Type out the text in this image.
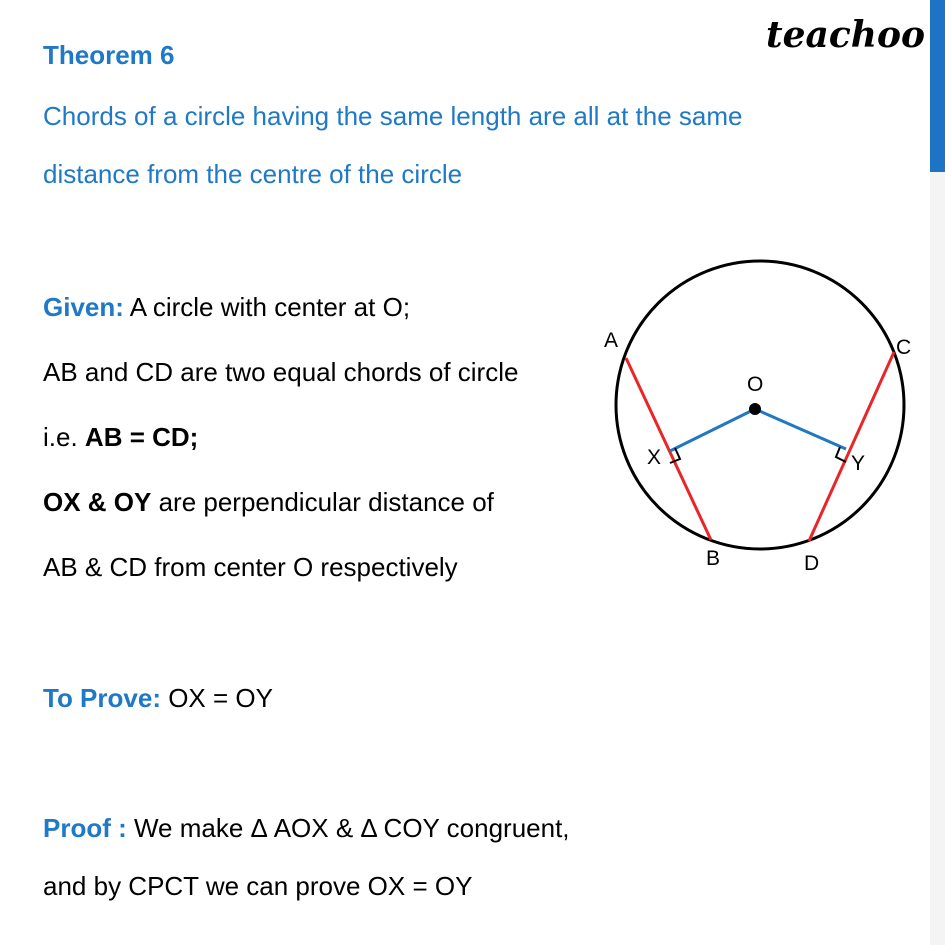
teachoo
Theorem 6
Chords of a circle having the same length are all at the same
distance from the centre of the circle
Given: A circle with center at O;
AB and CD are two equal chords of circle
i.e. AB = CD;
OX & OY are perpendicular distance of
AB & CD from center O respectively
To Prove: OX = OY
Proof : We make Δ AOX & Δ COY congruent,
and by CPCT we can prove OX = OY
A
B
C
D
O
X	Y
